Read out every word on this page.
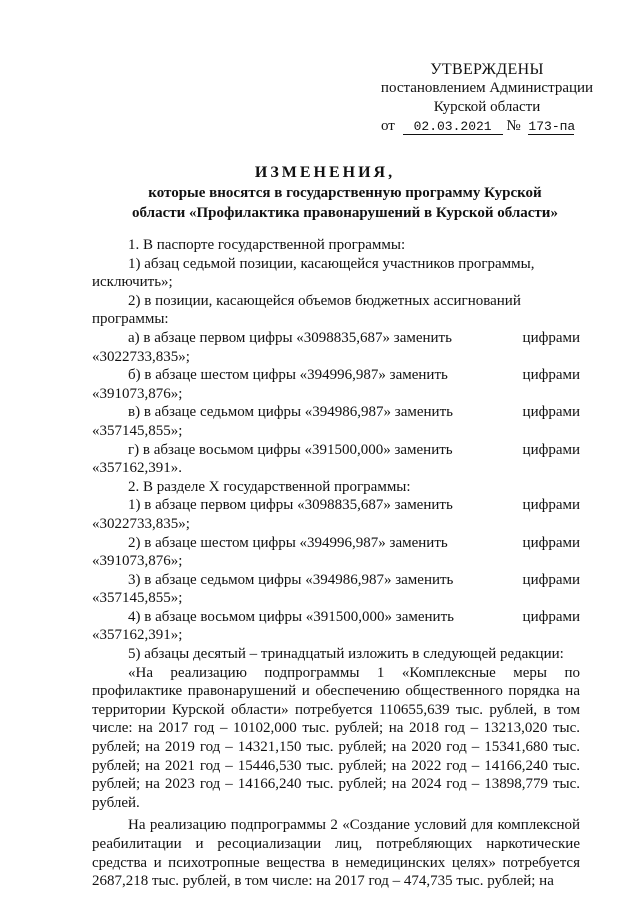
УТВЕРЖДЕНЫ
постановлением Администрации
Курской области
от 02.03.2021 № 173-па
ИЗМЕНЕНИЯ,
которые вносятся в государственную программу Курской
области «Профилактика правонарушений в Курской области»

1. В паспорте государственной программы:

1) абзац седьмой позиции, касающейся участников программы,

исключить»;

2) в позиции, касающейся объемов бюджетных ассигнований

программы:

а) в абзаце первом цифры «3098835,687» заменить	цифрами

«3022733,835»;

б) в абзаце шестом цифры «394996,987» заменить	цифрами

«391073,876»;

в) в абзаце седьмом цифры «394986,987» заменить	цифрами

«357145,855»;

г) в абзаце восьмом цифры «391500,000» заменить	цифрами

«357162,391».

2. В разделе X государственной программы:

1) в абзаце первом цифры «3098835,687» заменить	цифрами

«3022733,835»;

2) в абзаце шестом цифры «394996,987» заменить	цифрами

«391073,876»;

3) в абзаце седьмом цифры «394986,987» заменить	цифрами

«357145,855»;

4) в абзаце восьмом цифры «391500,000» заменить	цифрами

«357162,391»;

5) абзацы десятый – тринадцатый изложить в следующей редакции:

«На реализацию подпрограммы 1 «Комплексные меры по профилактике правонарушений и обеспечению общественного порядка на территории Курской области» потребуется 110655,639 тыс. рублей, в том числе: на 2017 год – 10102,000 тыс. рублей; на 2018 год – 13213,020 тыс. рублей; на 2019 год – 14321,150 тыс. рублей; на 2020 год – 15341,680 тыс. рублей; на 2021 год – 15446,530 тыс. рублей; на 2022 год – 14166,240 тыс. рублей; на 2023 год – 14166,240 тыс. рублей; на 2024 год – 13898,779 тыс. рублей.

На реализацию подпрограммы 2 «Создание условий для комплексной реабилитации и ресоциализации лиц, потребляющих наркотические средства и психотропные вещества в немедицинских целях» потребуется 2687,218 тыс. рублей, в том числе: на 2017 год – 474,735 тыс. рублей; на
